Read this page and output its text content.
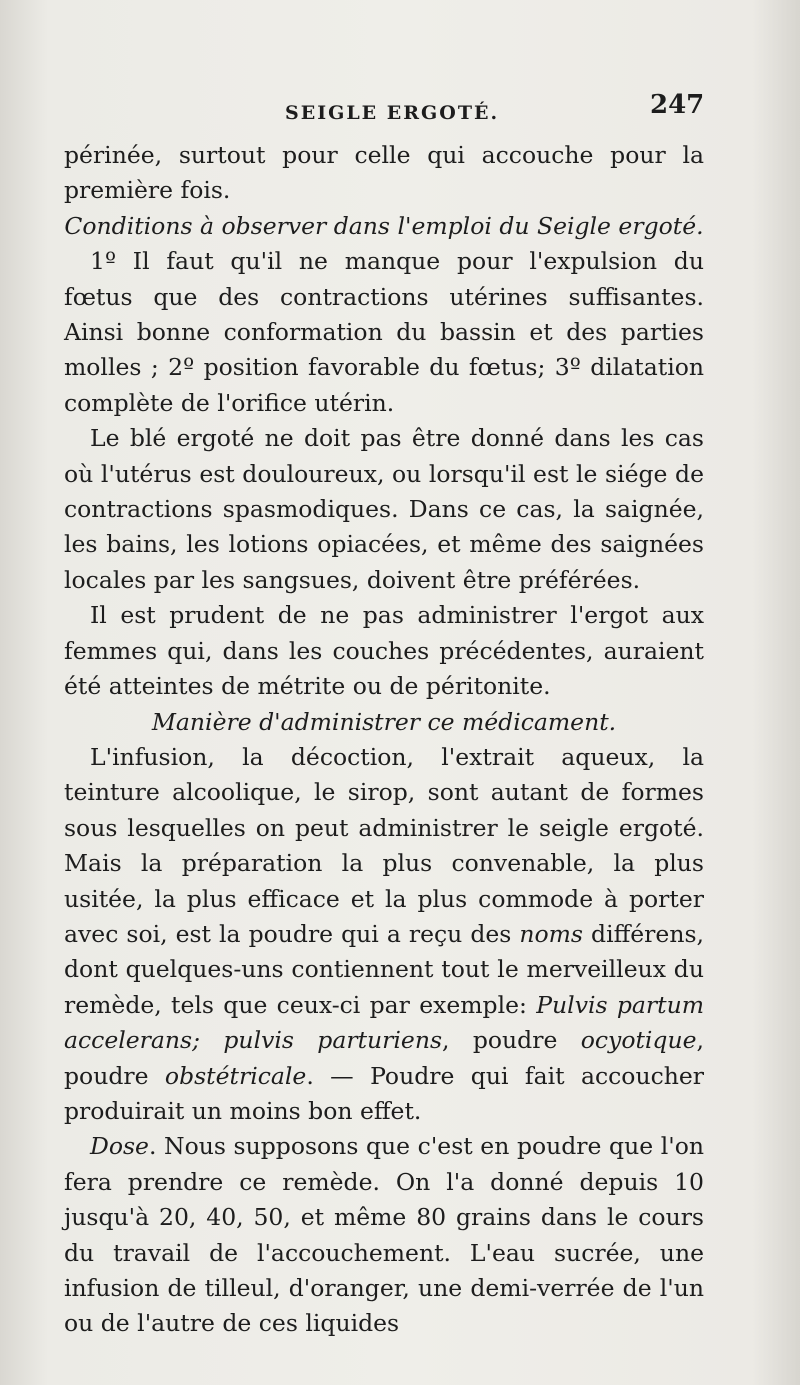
SEIGLE ERGOTÉ.	247

périnée, surtout pour celle qui accouche pour la première fois.

Conditions à observer dans l'emploi du Seigle ergoté.

1º Il faut qu'il ne manque pour l'expulsion du fœtus que des contractions utérines suffisantes. Ainsi bonne conformation du bassin et des parties molles ; 2º position favorable du fœtus; 3º dilatation complète de l'orifice utérin.

Le blé ergoté ne doit pas être donné dans les cas où l'utérus est douloureux, ou lorsqu'il est le siége de contractions spasmodiques. Dans ce cas, la saignée, les bains, les lotions opiacées, et même des saignées locales par les sangsues, doivent être préférées.

Il est prudent de ne pas administrer l'ergot aux femmes qui, dans les couches précédentes, auraient été atteintes de métrite ou de péritonite.

Manière d'administrer ce médicament.

L'infusion, la décoction, l'extrait aqueux, la teinture alcoolique, le sirop, sont autant de formes sous lesquelles on peut administrer le seigle ergoté. Mais la préparation la plus convenable, la plus usitée, la plus efficace et la plus commode à porter avec soi, est la poudre qui a reçu des noms différens, dont quelques-uns contiennent tout le merveilleux du remède, tels que ceux-ci par exemple: Pulvis partum accelerans; pulvis parturiens, poudre ocyotique, poudre obstétricale. — Poudre qui fait accoucher produirait un moins bon effet.

Dose. Nous supposons que c'est en poudre que l'on fera prendre ce remède. On l'a donné depuis 10 jusqu'à 20, 40, 50, et même 80 grains dans le cours du travail de l'accouchement. L'eau sucrée, une infusion de tilleul, d'oranger, une demi-verrée de l'un ou de l'autre de ces liquides
